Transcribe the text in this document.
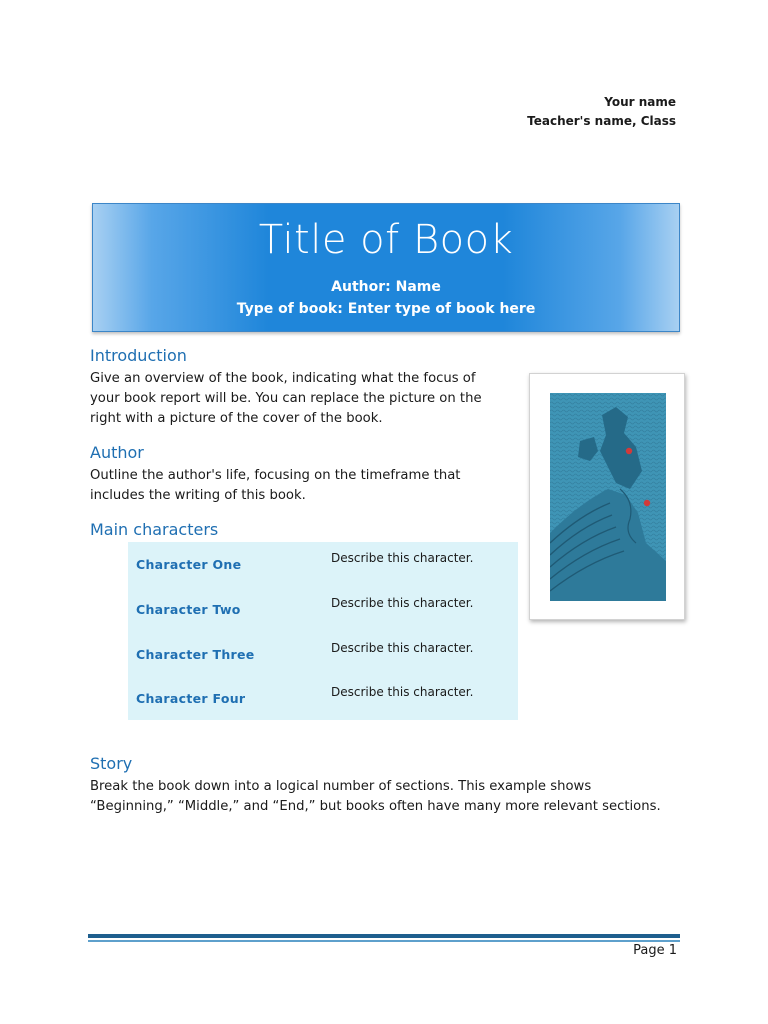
Your name
Teacher's name, Class
Title of Book
Author: Name
Type of book: Enter type of book here
Introduction
Give an overview of the book, indicating what the focus of
your book report will be. You can replace the picture on the
right with a picture of the cover of the book.
Author
Outline the author's life, focusing on the timeframe that
includes the writing of this book.
Main characters
Character One	Describe this character.
Character Two	Describe this character.
Character Three	Describe this character.
Character Four	Describe this character.
Story
Break the book down into a logical number of sections. This example shows
“Beginning,” “Middle,” and “End,” but books often have many more relevant sections.
Page 1
